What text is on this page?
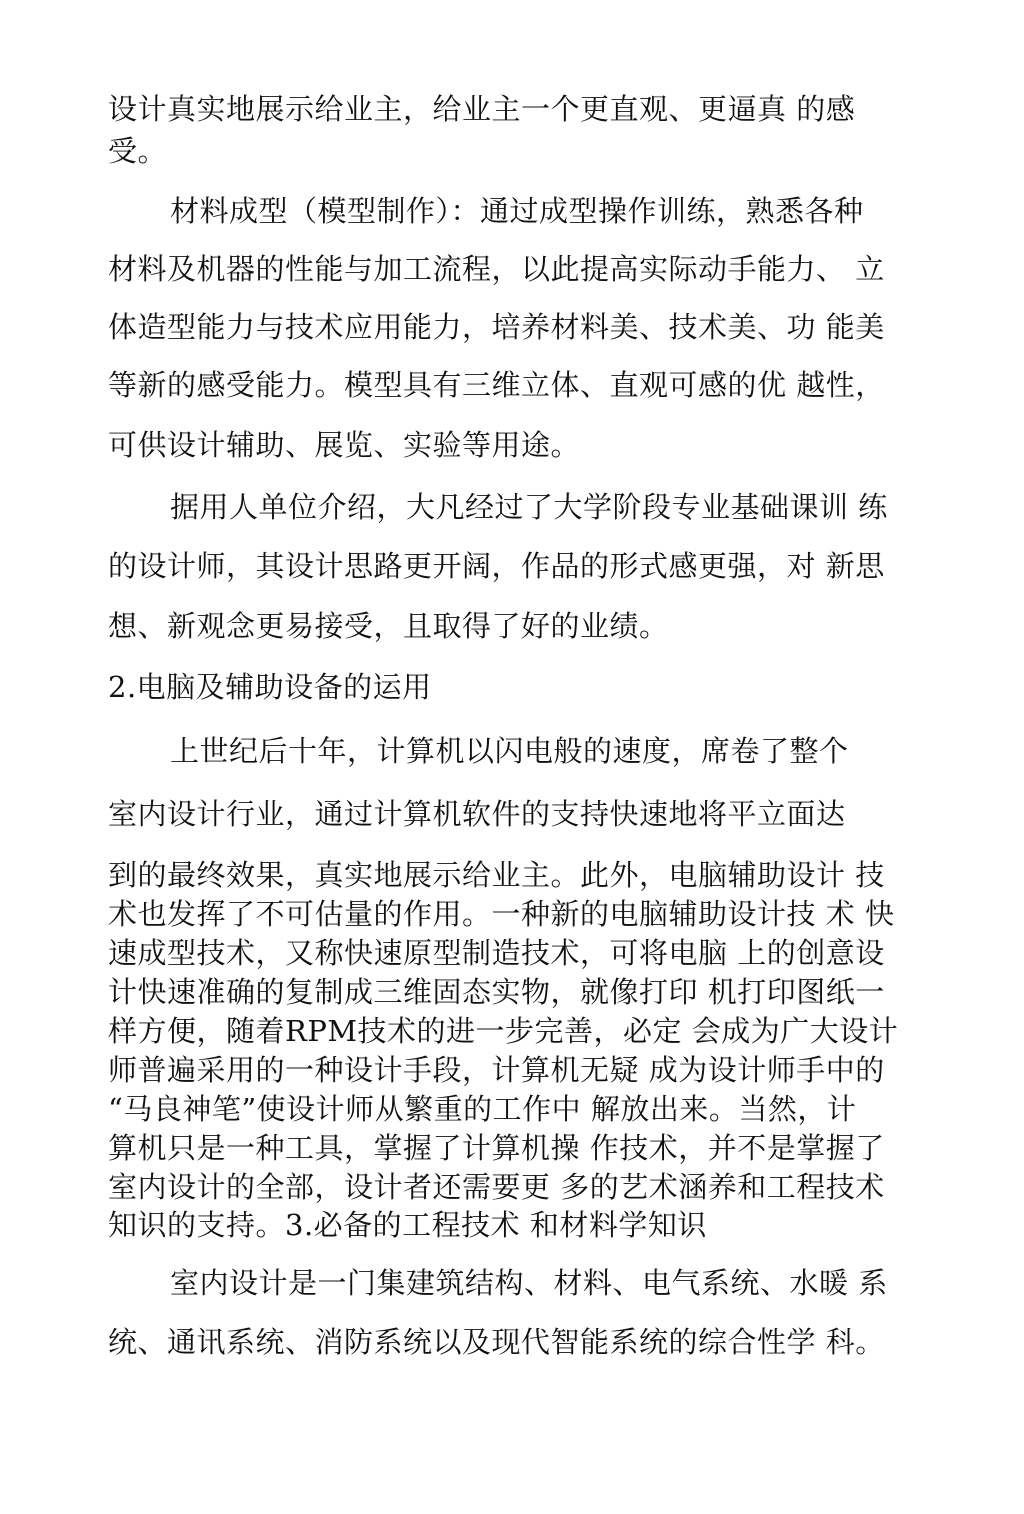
设计真实地展示给业主，给业主一个更直观、更逼真 的感
受。
材料成型（模型制作）：通过成型操作训练，熟悉各种
材料及机器的性能与加工流程，以此提高实际动手能力、 立
体造型能力与技术应用能力，培养材料美、技术美、功 能美
等新的感受能力。模型具有三维立体、直观可感的优 越性，
可供设计辅助、展览、实验等用途。
据用人单位介绍，大凡经过了大学阶段专业基础课训 练
的设计师，其设计思路更开阔，作品的形式感更强，对 新思
想、新观念更易接受，且取得了好的业绩。
2.电脑及辅助设备的运用
上世纪后十年，计算机以闪电般的速度，席卷了整个
室内设计行业，通过计算机软件的支持快速地将平立面达
到的最终效果，真实地展示给业主。此外，电脑辅助设计 技
术也发挥了不可估量的作用。一种新的电脑辅助设计技 术 快
速成型技术，又称快速原型制造技术，可将电脑 上的创意设
计快速准确的复制成三维固态实物，就像打印 机打印图纸一
样方便，随着RPM技术的进一步完善，必定 会成为广大设计
师普遍采用的一种设计手段，计算机无疑 成为设计师手中的
“马良神笔”使设计师从繁重的工作中 解放出来。当然，计
算机只是一种工具，掌握了计算机操 作技术，并不是掌握了
室内设计的全部，设计者还需要更 多的艺术涵养和工程技术
知识的支持。3.必备的工程技术 和材料学知识
室内设计是一门集建筑结构、材料、电气系统、水暖 系
统、通讯系统、消防系统以及现代智能系统的综合性学 科。
